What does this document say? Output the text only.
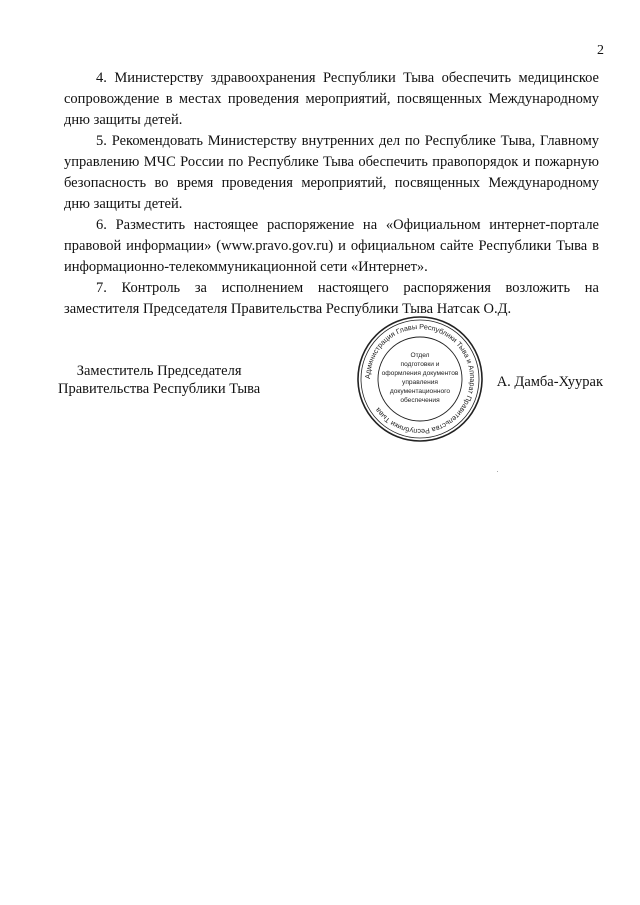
2

4. Министерству здравоохранения Республики Тыва обеспечить медицинское сопровождение в местах проведения мероприятий, посвященных Международному дню защиты детей.

5. Рекомендовать Министерству внутренних дел по Республике Тыва, Главному управлению МЧС России по Республике Тыва обеспечить правопорядок и пожарную безопасность во время проведения мероприятий, посвященных Международному дню защиты детей.

6. Разместить настоящее распоряжение на «Официальном интернет-портале правовой информации» (www.pravo.gov.ru) и официальном сайте Республики Тыва в информационно-телекоммуникационной сети «Интернет».

7. Контроль за исполнением настоящего распоряжения возложить на заместителя Председателя Правительства Республики Тыва Натсак О.Д.

Заместитель Председателя
Правительства Республики Тыва	А. Дамба-Хуурак
Администрация Главы Республики Тыва и Аппарат Правительства Республики Тыва
Отдел
подготовки и
оформления документов
управления
документационного
обеспечения
